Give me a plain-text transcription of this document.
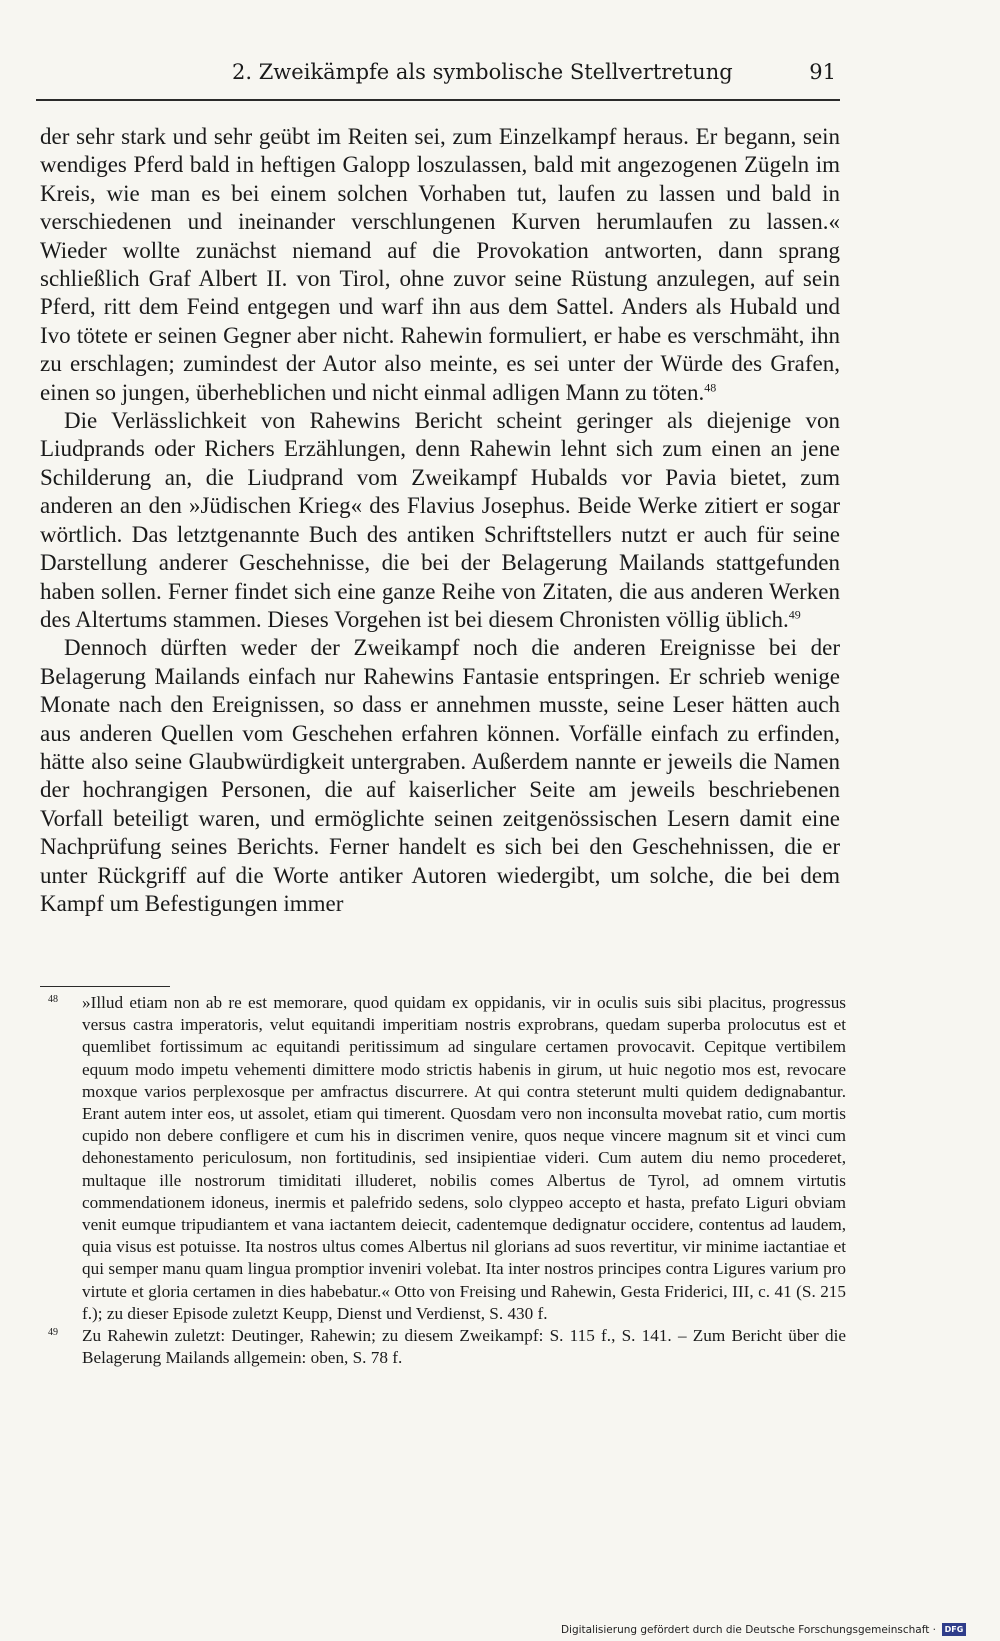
2. Zweikämpfe als symbolische Stellvertretung	91

der sehr stark und sehr geübt im Reiten sei, zum Einzelkampf heraus. Er begann, sein wendiges Pferd bald in heftigen Galopp loszulassen, bald mit angezogenen Zügeln im Kreis, wie man es bei einem solchen Vorhaben tut, laufen zu lassen und bald in verschiedenen und ineinander verschlungenen Kurven herumlaufen zu lassen.« Wieder wollte zunächst niemand auf die Provokation antworten, dann sprang schließlich Graf Albert II. von Tirol, ohne zuvor seine Rüstung anzulegen, auf sein Pferd, ritt dem Feind entgegen und warf ihn aus dem Sattel. Anders als Hubald und Ivo tötete er seinen Gegner aber nicht. Rahewin formuliert, er habe es verschmäht, ihn zu erschlagen; zumindest der Autor also meinte, es sei unter der Würde des Grafen, einen so jungen, überheblichen und nicht einmal adligen Mann zu töten.$^{48}$

Die Verlässlichkeit von Rahewins Bericht scheint geringer als diejenige von Liudprands oder Richers Erzählungen, denn Rahewin lehnt sich zum einen an jene Schilderung an, die Liudprand vom Zweikampf Hubalds vor Pavia bietet, zum anderen an den »Jüdischen Krieg« des Flavius Josephus. Beide Werke zitiert er sogar wörtlich. Das letztgenannte Buch des antiken Schriftstellers nutzt er auch für seine Darstellung anderer Geschehnisse, die bei der Belagerung Mailands stattgefunden haben sollen. Ferner findet sich eine ganze Reihe von Zitaten, die aus anderen Werken des Altertums stammen. Dieses Vorgehen ist bei diesem Chronisten völlig üblich.$^{49}$

Dennoch dürften weder der Zweikampf noch die anderen Ereignisse bei der Belagerung Mailands einfach nur Rahewins Fantasie entspringen. Er schrieb wenige Monate nach den Ereignissen, so dass er annehmen musste, seine Leser hätten auch aus anderen Quellen vom Geschehen erfahren können. Vorfälle einfach zu erfinden, hätte also seine Glaubwürdigkeit untergraben. Außerdem nannte er jeweils die Namen der hochrangigen Personen, die auf kaiserlicher Seite am jeweils beschriebenen Vorfall beteiligt waren, und ermöglichte seinen zeitgenössischen Lesern damit eine Nachprüfung seines Berichts. Ferner handelt es sich bei den Geschehnissen, die er unter Rückgriff auf die Worte antiker Autoren wiedergibt, um solche, die bei dem Kampf um Befestigungen immer

48 »Illud etiam non ab re est memorare, quod quidam ex oppidanis, vir in oculis suis sibi placitus, progressus versus castra imperatoris, velut equitandi imperitiam nostris exprobrans, quedam superba prolocutus est et quemlibet fortissimum ac equitandi peritissimum ad singulare certamen provocavit. Cepitque vertibilem equum modo impetu vehementi dimittere modo strictis habenis in girum, ut huic negotio mos est, revocare moxque varios perplexosque per amfractus discurrere. At qui contra steterunt multi quidem dedignabantur. Erant autem inter eos, ut assolet, etiam qui timerent. Quosdam vero non inconsulta movebat ratio, cum mortis cupido non debere confligere et cum his in discrimen venire, quos neque vincere magnum sit et vinci cum dehonestamento periculosum, non fortitudinis, sed insipientiae videri. Cum autem diu nemo procederet, multaque ille nostrorum timiditati illuderet, nobilis comes Albertus de Tyrol, ad omnem virtutis commendationem idoneus, inermis et palefrido sedens, solo clyppeo accepto et hasta, prefato Liguri obviam venit eumque tripudiantem et vana iactantem deiecit, cadentemque dedignatur occidere, contentus ad laudem, quia visus est potuisse. Ita nostros ultus comes Albertus nil glorians ad suos revertitur, vir minime iactantiae et qui semper manu quam lingua promptior inveniri volebat. Ita inter nostros principes contra Ligures varium pro virtute et gloria certamen in dies habebatur.« Otto von Freising und Rahewin, Gesta Friderici, III, c. 41 (S. 215 f.); zu dieser Episode zuletzt Keupp, Dienst und Verdienst, S. 430 f.

49 Zu Rahewin zuletzt: Deutinger, Rahewin; zu diesem Zweikampf: S. 115 f., S. 141. – Zum Bericht über die Belagerung Mailands allgemein: oben, S. 78 f.

Digitalisierung gefördert durch die Deutsche Forschungsgemeinschaft ·	DFG
